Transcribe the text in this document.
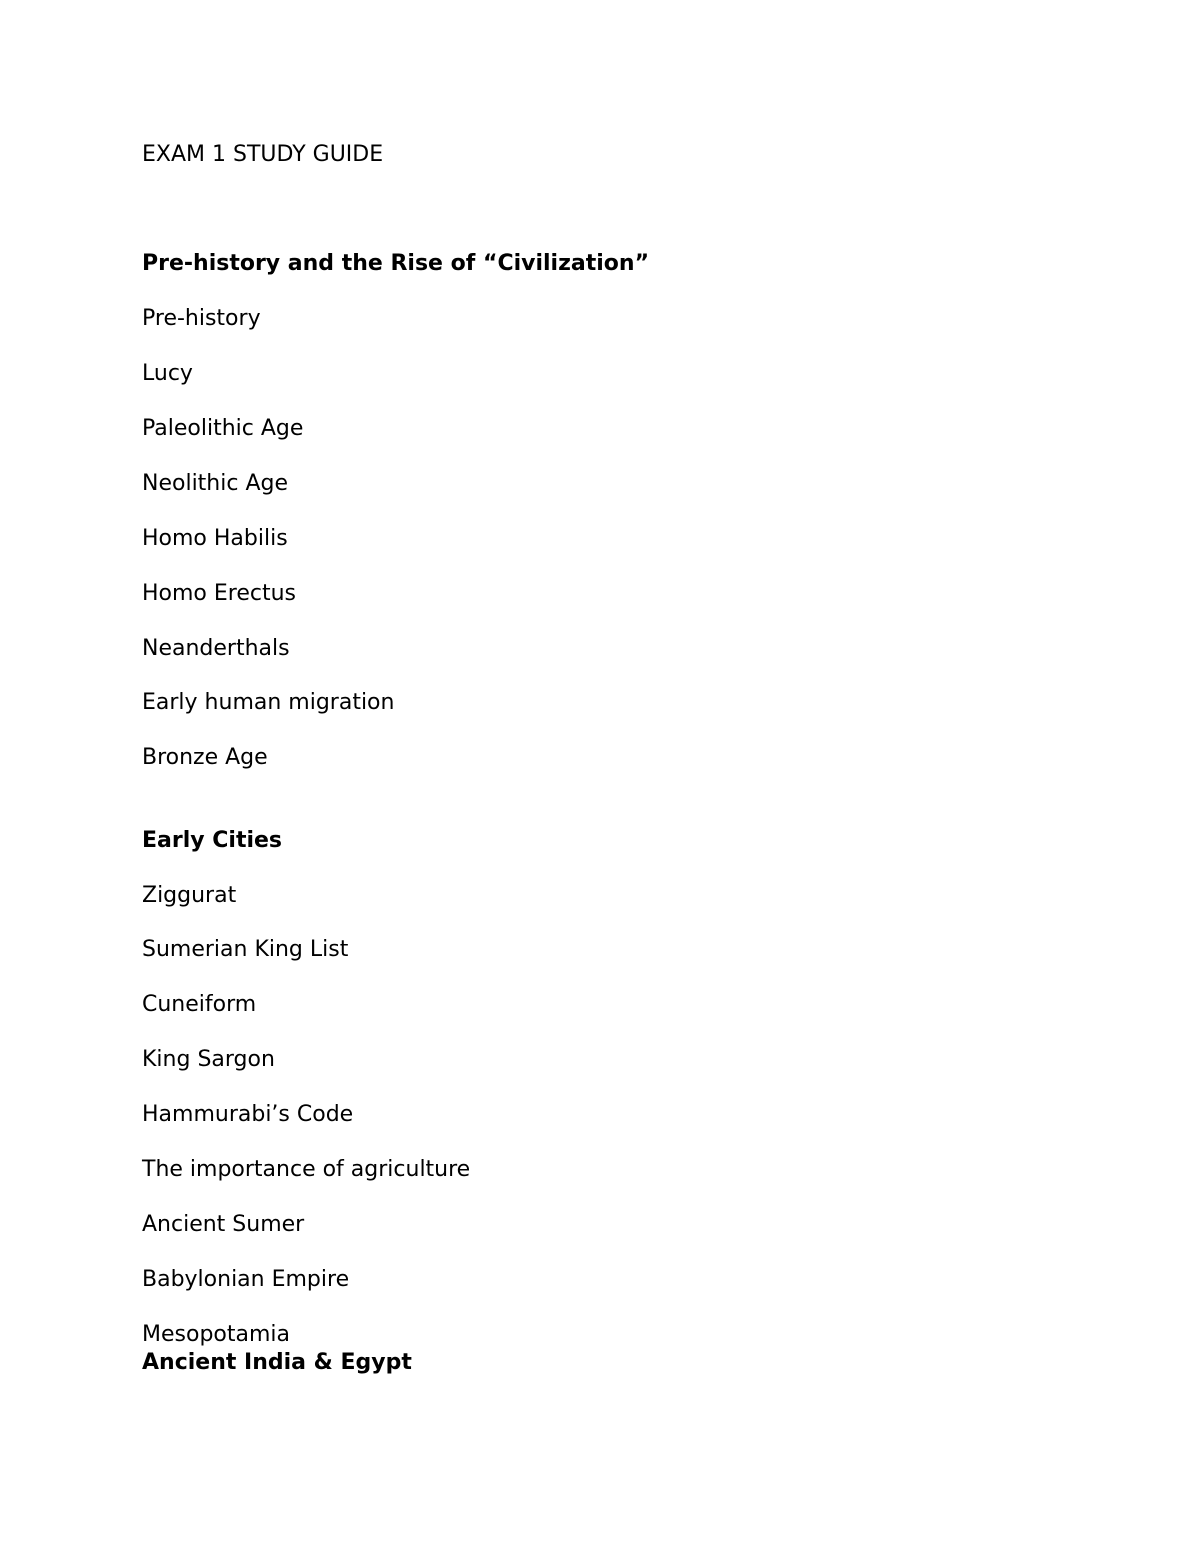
EXAM 1 STUDY GUIDE

Pre-history and the Rise of “Civilization”

Pre-history

Lucy

Paleolithic Age

Neolithic Age

Homo Habilis

Homo Erectus

Neanderthals

Early human migration

Bronze Age

Early Cities

Ziggurat

Sumerian King List

Cuneiform

King Sargon

Hammurabi’s Code

The importance of agriculture

Ancient Sumer

Babylonian Empire

Mesopotamia

Ancient India & Egypt
